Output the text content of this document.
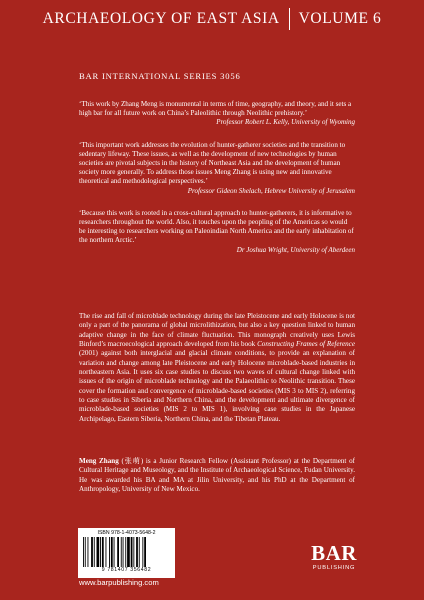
ARCHAEOLOGY OF EAST ASIA VOLUME 6
BAR INTERNATIONAL SERIES 3056

‘This work by Zhang Meng is monumental in terms of time, geography, and theory, and it sets a high bar for all future work on China’s Paleolithic through Neolithic prehistory.’

Professor Robert L. Kelly, University of Wyoming

‘This important work addresses the evolution of hunter-gatherer societies and the transition to sedentary lifeway. These issues, as well as the development of new technologies by human societies are pivotal subjects in the history of Northeast Asia and the development of human society more generally. To address those issues Meng Zhang is using new and innovative theoretical and methodological perspectives.’

Professor Gideon Shelach, Hebrew University of Jerusalem

‘Because this work is rooted in a cross-cultural approach to hunter-gatherers, it is informative to researchers throughout the world. Also, it touches upon the peopling of the Americas so would be interesting to researchers working on Paleoindian North America and the early inhabitation of the northern Arctic.’

Dr Joshua Wright, University of Aberdeen

The rise and fall of microblade technology during the late Pleistocene and early Holocene is not only a part of the panorama of global microlithization, but also a key question linked to human adaptive change in the face of climate fluctuation. This monograph creatively uses Lewis Binford’s macroecological approach developed from his book Constructing Frames of Reference (2001) against both interglacial and glacial climate conditions, to provide an explanation of variation and change among late Pleistocene and early Holocene microblade-based industries in northeastern Asia. It uses six case studies to discuss two waves of cultural change linked with issues of the origin of microblade technology and the Palaeolithic to Neolithic transition. These cover the formation and convergence of microblade-based societies (MIS 3 to MIS 2), referring to case studies in Siberia and Northern China, and the development and ultimate divergence of microblade-based societies (MIS 2 to MIS 1), involving case studies in the Japanese Archipelago, Eastern Siberia, Northern China, and the Tibetan Plateau.

Meng Zhang (张萌) is a Junior Research Fellow (Assistant Professor) at the Department of Cultural Heritage and Museology, and the Institute of Archaeological Science, Fudan University. He was awarded his BA and MA at Jilin University, and his PhD at the Department of Anthropology, University of New Mexico.

ISBN 978-1-4073-5648-2
9 781407 356482
www.barpublishing.com
BAR
PUBLISHING
